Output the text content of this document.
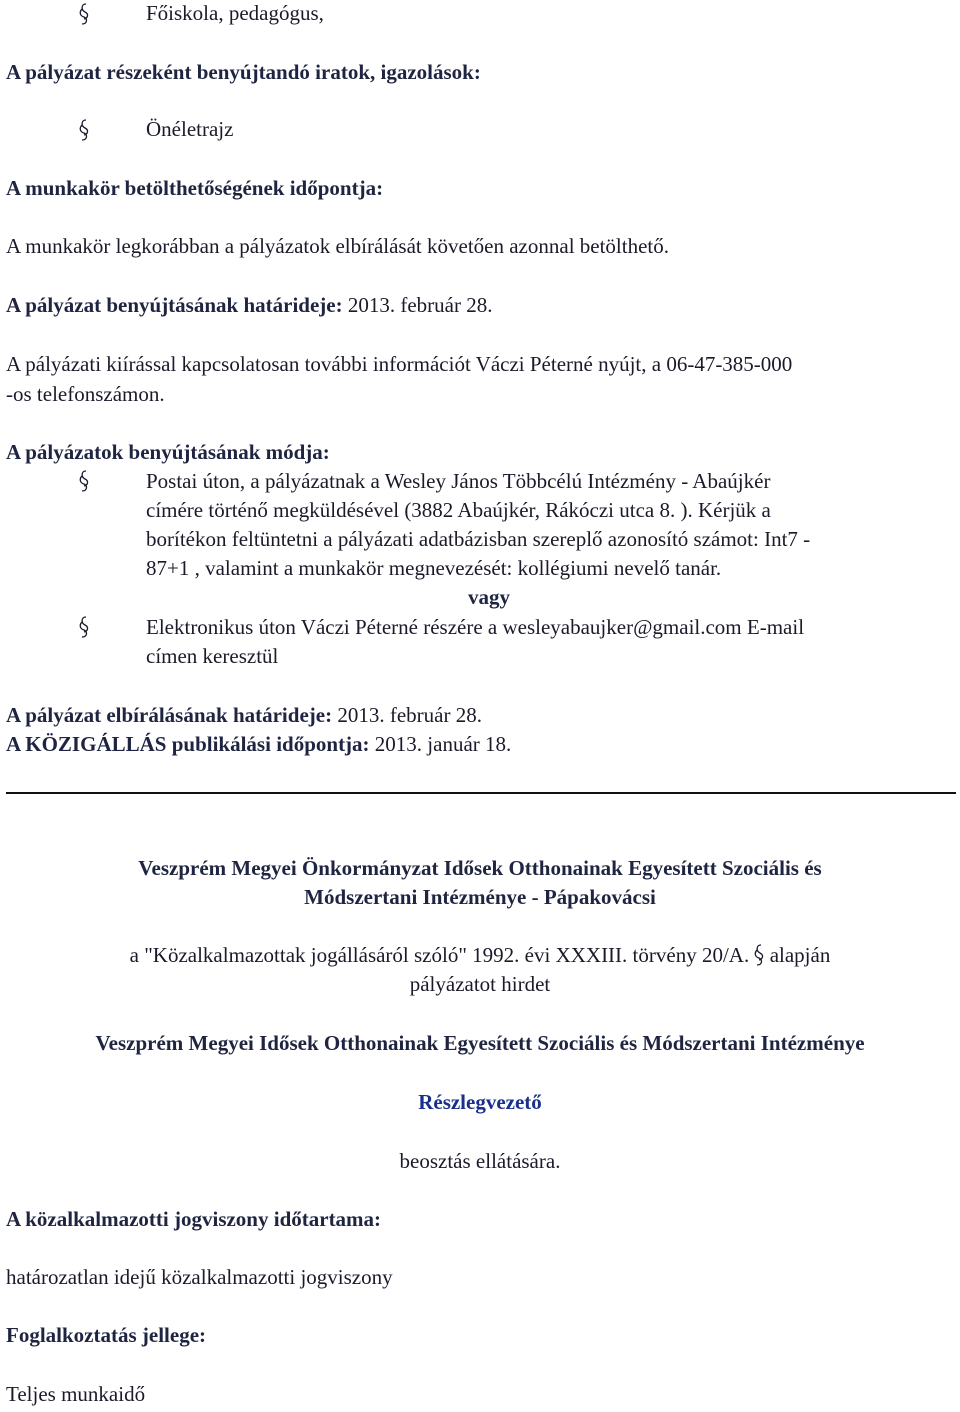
Főiskola, pedagógus,
A pályázat részeként benyújtandó iratok, igazolások:
Önéletrajz
A munkakör betölthetőségének időpontja:
A munkakör legkorábban a pályázatok elbírálását követően azonnal betölthető.
A pályázat benyújtásának határideje: 2013. február 28.
A pályázati kiírással kapcsolatosan további információt Váczi Péterné nyújt, a 06-47-385-000
-os telefonszámon.
A pályázatok benyújtásának módja:
Postai úton, a pályázatnak a Wesley János Többcélú Intézmény - Abaújkér
címére történő megküldésével (3882 Abaújkér, Rákóczi utca 8. ). Kérjük a
borítékon feltüntetni a pályázati adatbázisban szereplő azonosító számot: Int7 -
87+1 , valamint a munkakör megnevezését: kollégiumi nevelő tanár.
vagy
Elektronikus úton Váczi Péterné részére a wesleyabaujker@gmail.com E-mail
címen keresztül
A pályázat elbírálásának határideje: 2013. február 28.
A KÖZIGÁLLÁS publikálási időpontja: 2013. január 18.
Veszprém Megyei Önkormányzat Idősek Otthonainak Egyesített Szociális és
Módszertani Intézménye - Pápakovácsi
a "Közalkalmazottak jogállásáról szóló" 1992. évi XXXIII. törvény 20/A.  alapján
pályázatot hirdet
Veszprém Megyei Idősek Otthonainak Egyesített Szociális és Módszertani Intézménye
Részlegvezető
beosztás ellátására.
A közalkalmazotti jogviszony időtartama:
határozatlan idejű közalkalmazotti jogviszony
Foglalkoztatás jellege:
Teljes munkaidő
